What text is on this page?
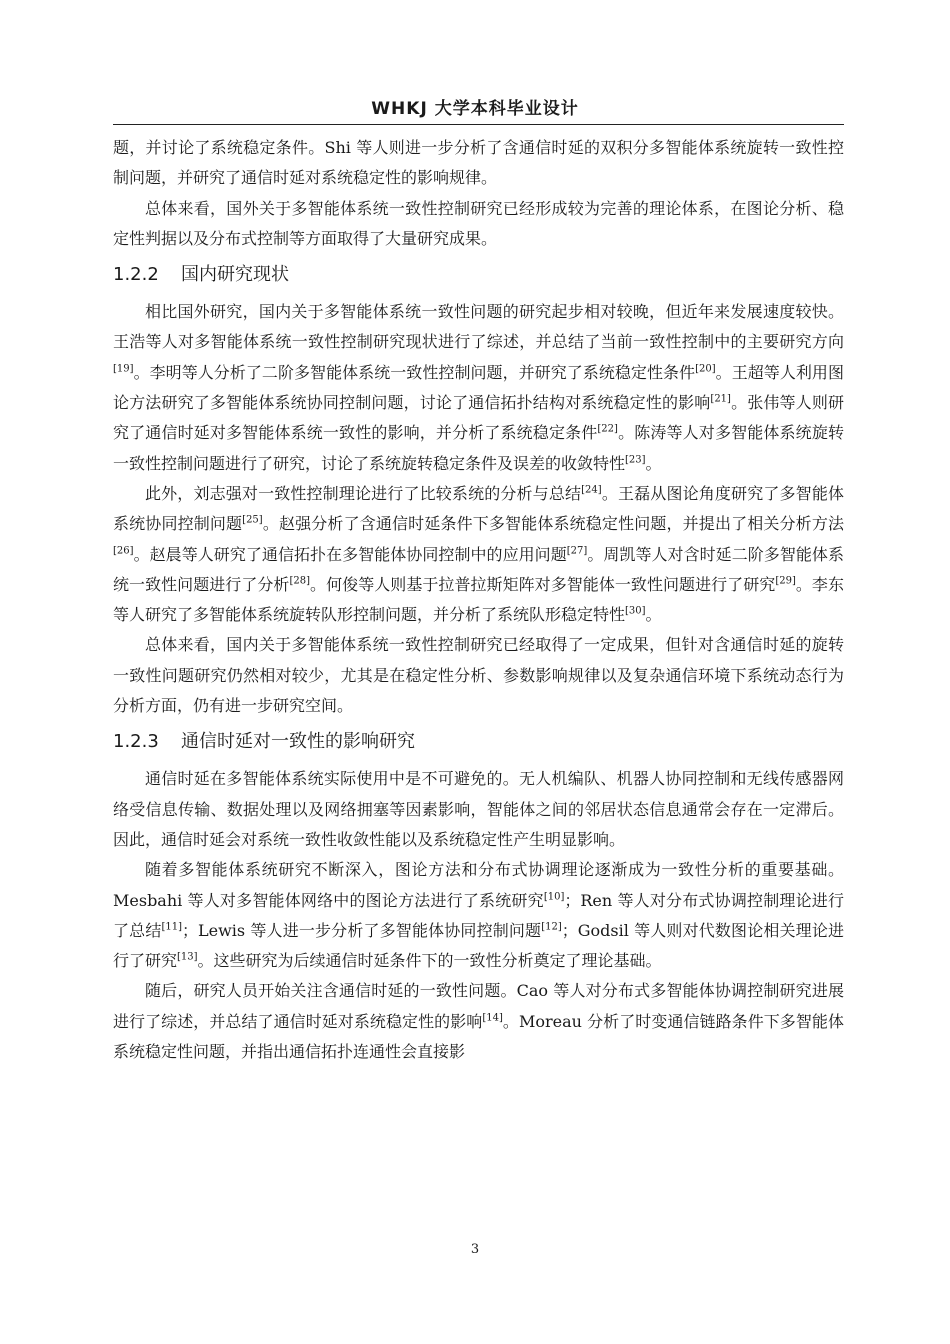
WHKJ 大学本科毕业设计

题，并讨论了系统稳定条件。Shi 等人则进一步分析了含通信时延的双积分多智能体系统旋转一致性控制问题，并研究了通信时延对系统稳定性的影响规律。

总体来看，国外关于多智能体系统一致性控制研究已经形成较为完善的理论体系，在图论分析、稳定性判据以及分布式控制等方面取得了大量研究成果。

1.2.2 国内研究现状

相比国外研究，国内关于多智能体系统一致性问题的研究起步相对较晚，但近年来发展速度较快。王浩等人对多智能体系统一致性控制研究现状进行了综述，并总结了当前一致性控制中的主要研究方向[19]。李明等人分析了二阶多智能体系统一致性控制问题，并研究了系统稳定性条件[20]。王超等人利用图论方法研究了多智能体系统协同控制问题，讨论了通信拓扑结构对系统稳定性的影响[21]。张伟等人则研究了通信时延对多智能体系统一致性的影响，并分析了系统稳定条件[22]。陈涛等人对多智能体系统旋转一致性控制问题进行了研究，讨论了系统旋转稳定条件及误差的收敛特性[23]。

此外，刘志强对一致性控制理论进行了比较系统的分析与总结[24]。王磊从图论角度研究了多智能体系统协同控制问题[25]。赵强分析了含通信时延条件下多智能体系统稳定性问题，并提出了相关分析方法[26]。赵晨等人研究了通信拓扑在多智能体协同控制中的应用问题[27]。周凯等人对含时延二阶多智能体系统一致性问题进行了分析[28]。何俊等人则基于拉普拉斯矩阵对多智能体一致性问题进行了研究[29]。李东等人研究了多智能体系统旋转队形控制问题，并分析了系统队形稳定特性[30]。

总体来看，国内关于多智能体系统一致性控制研究已经取得了一定成果，但针对含通信时延的旋转一致性问题研究仍然相对较少，尤其是在稳定性分析、参数影响规律以及复杂通信环境下系统动态行为分析方面，仍有进一步研究空间。

1.2.3 通信时延对一致性的影响研究

通信时延在多智能体系统实际使用中是不可避免的。无人机编队、机器人协同控制和无线传感器网络受信息传输、数据处理以及网络拥塞等因素影响，智能体之间的邻居状态信息通常会存在一定滞后。因此，通信时延会对系统一致性收敛性能以及系统稳定性产生明显影响。

随着多智能体系统研究不断深入，图论方法和分布式协调理论逐渐成为一致性分析的重要基础。Mesbahi 等人对多智能体网络中的图论方法进行了系统研究[10]；Ren 等人对分布式协调控制理论进行了总结[11]；Lewis 等人进一步分析了多智能体协同控制问题[12]；Godsil 等人则对代数图论相关理论进行了研究[13]。这些研究为后续通信时延条件下的一致性分析奠定了理论基础。

随后，研究人员开始关注含通信时延的一致性问题。Cao 等人对分布式多智能体协调控制研究进展进行了综述，并总结了通信时延对系统稳定性的影响[14]。Moreau 分析了时变通信链路条件下多智能体系统稳定性问题，并指出通信拓扑连通性会直接影

3
